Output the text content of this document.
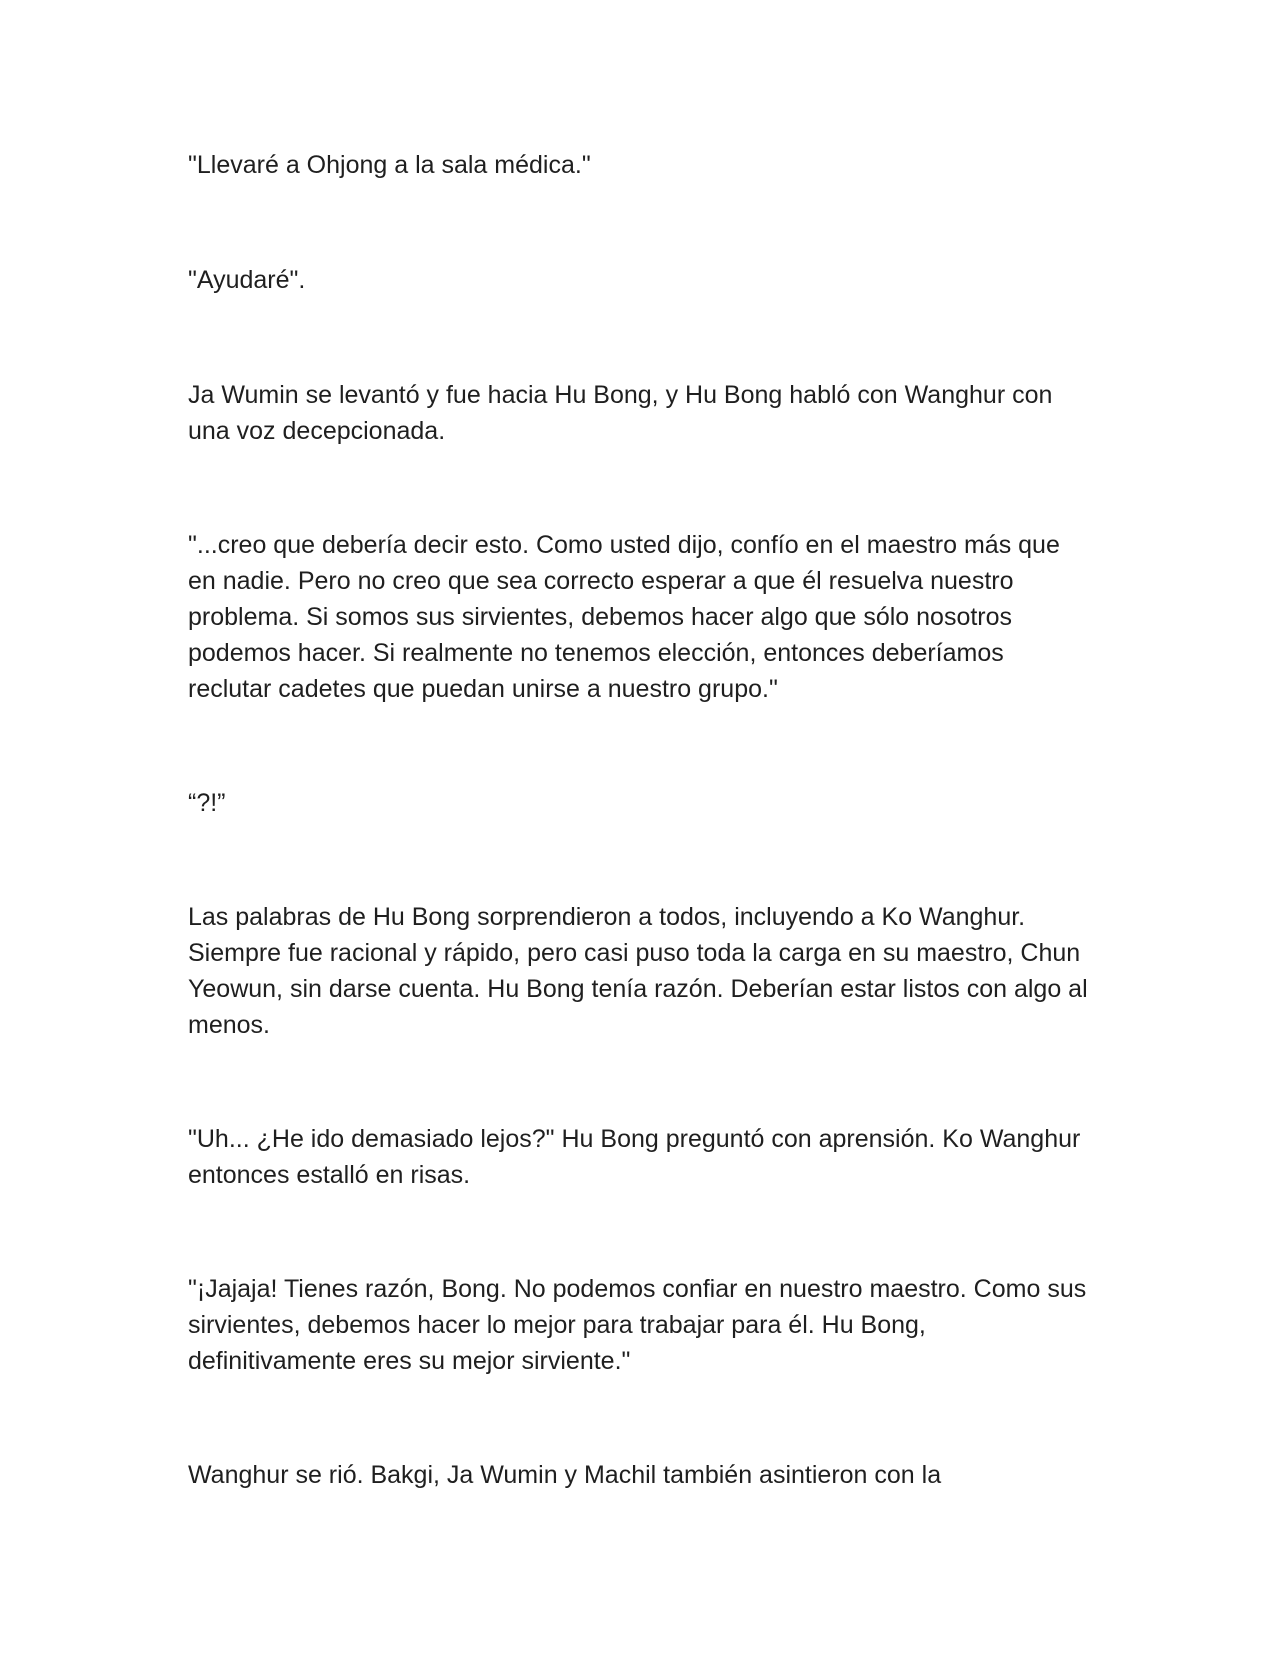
"Llevaré a Ohjong a la sala médica."

"Ayudaré".

Ja Wumin se levantó y fue hacia Hu Bong, y Hu Bong habló con Wanghur con una voz decepcionada.

"...creo que debería decir esto. Como usted dijo, confío en el maestro más que en nadie. Pero no creo que sea correcto esperar a que él resuelva nuestro problema. Si somos sus sirvientes, debemos hacer algo que sólo nosotros podemos hacer. Si realmente no tenemos elección, entonces deberíamos reclutar cadetes que puedan unirse a nuestro grupo."

“?!”

Las palabras de Hu Bong sorprendieron a todos, incluyendo a Ko Wanghur. Siempre fue racional y rápido, pero casi puso toda la carga en su maestro, Chun Yeowun, sin darse cuenta. Hu Bong tenía razón. Deberían estar listos con algo al menos.

"Uh... ¿He ido demasiado lejos?" Hu Bong preguntó con aprensión. Ko Wanghur entonces estalló en risas.

"¡Jajaja! Tienes razón, Bong. No podemos confiar en nuestro maestro. Como sus sirvientes, debemos hacer lo mejor para trabajar para él. Hu Bong, definitivamente eres su mejor sirviente."

Wanghur se rió. Bakgi, Ja Wumin y Machil también asintieron con la
